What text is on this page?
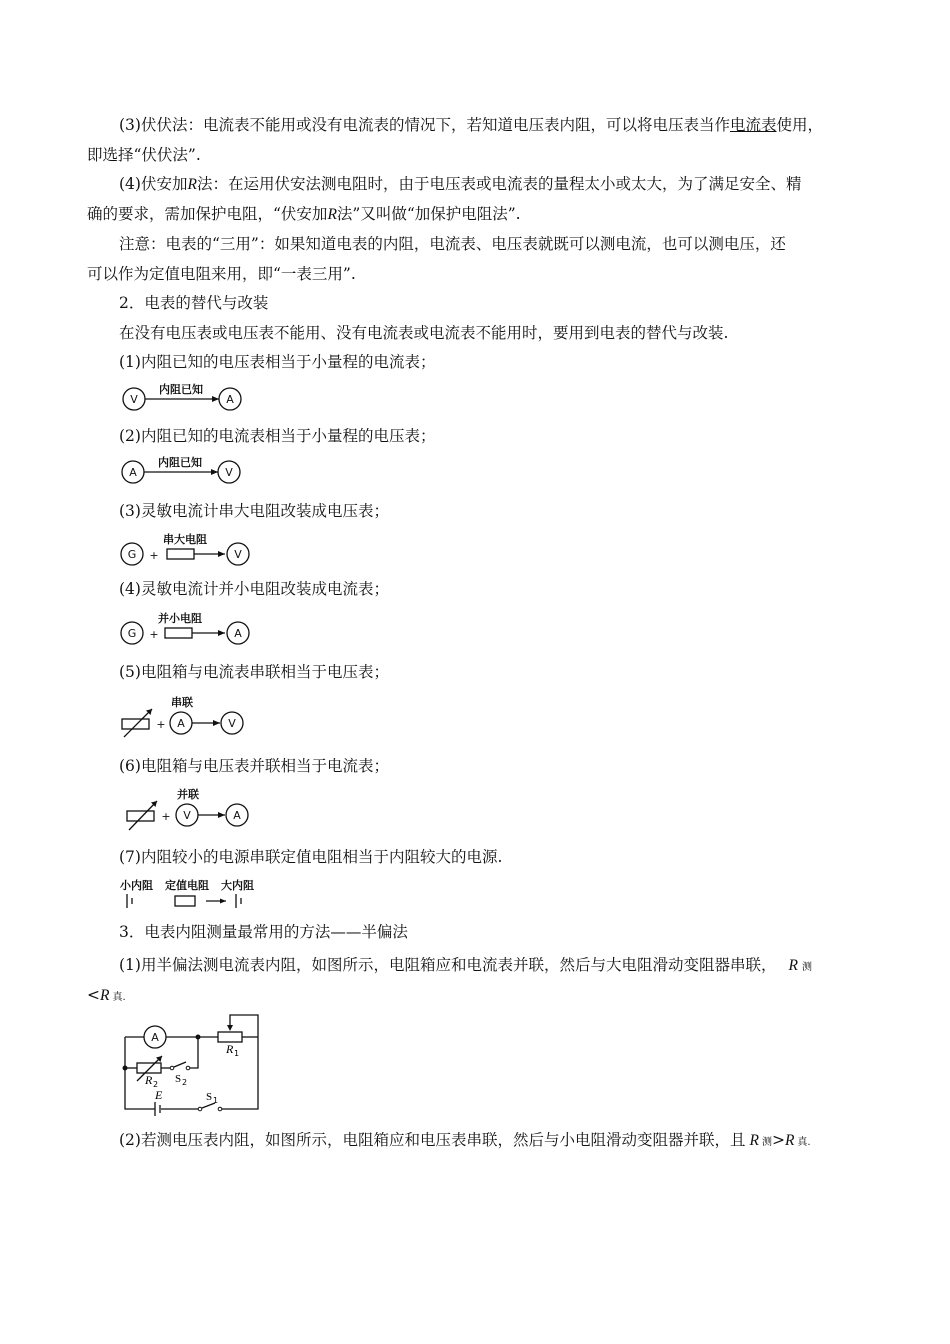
(3)伏伏法：电流表不能用或没有电流表的情况下，若知道电压表内阻，可以将电压表当作电流表使用，
即选择“伏伏法”.
(4)伏安加R法：在运用伏安法测电阻时，由于电压表或电流表的量程太小或太大，为了满足安全、精
确的要求，需加保护电阻，“伏安加R法”又叫做“加保护电阻法”.
注意：电表的“三用”：如果知道电表的内阻，电流表、电压表就既可以测电流，也可以测电压，还
可以作为定值电阻来用，即“一表三用”.
2．电表的替代与改装
在没有电压表或电压表不能用、没有电流表或电流表不能用时，要用到电表的替代与改装.
(1)内阻已知的电压表相当于小量程的电流表；
V
内阻已知
A
(2)内阻已知的电流表相当于小量程的电压表；
A
内阻已知
V
(3)灵敏电流计串大电阻改装成电压表；
G +
串大电阻
V
(4)灵敏电流计并小电阻改装成电流表；
G +
并小电阻
A
(5)电阻箱与电流表串联相当于电压表；
+ A
串联
V
(6)电阻箱与电压表并联相当于电流表；
+ V
并联
A
(7)内阻较小的电源串联定值电阻相当于内阻较大的电源.
小内阻 定值电阻 大内阻
3．电表内阻测量最常用的方法——半偏法
(1)用半偏法测电流表内阻，如图所示，电阻箱应和电流表并联，然后与大电阻滑动变阻器串联， R 测
<R 真.
A
R 1
R 2 S 2
E	S 1
(2)若测电压表内阻，如图所示，电阻箱应和电压表串联，然后与小电阻滑动变阻器并联，且 R 测>R 真.
